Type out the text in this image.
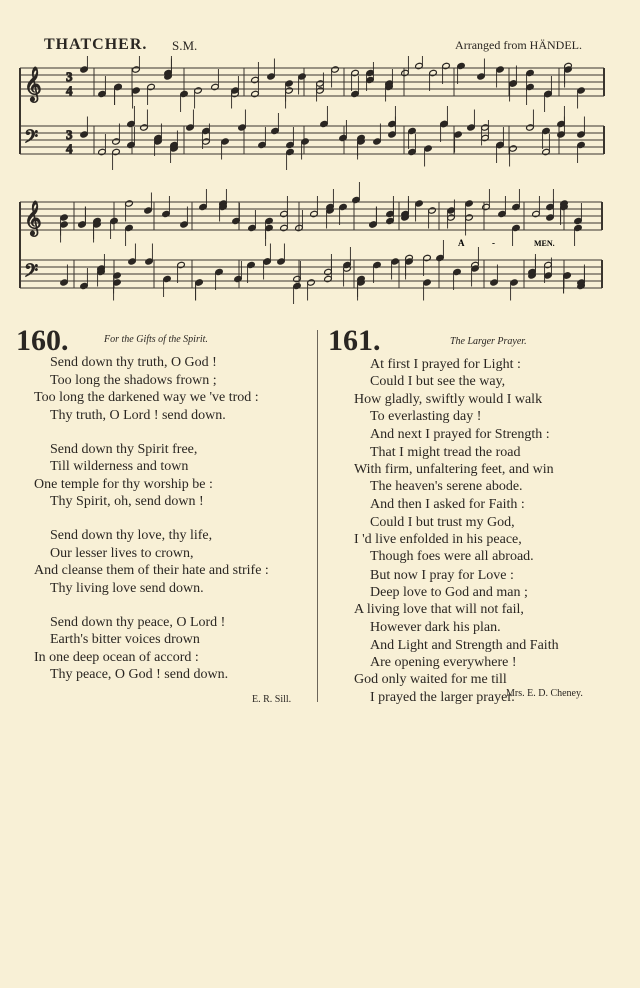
THATCHER. S.M.	Arranged from HÄNDEL.
𝄞 3
4
𝄢 3
4
𝄞
𝄢
A	-	MEN.
160.	For the Gifts of the Spirit.
Send down thy truth, O God !
Too long the shadows frown ;
Too long the darkened way we 've trod :
Thy truth, O Lord ! send down.
Send down thy Spirit free,
Till wilderness and town
One temple for thy worship be :
Thy Spirit, oh, send down !
Send down thy love, thy life,
Our lesser lives to crown,
And cleanse them of their hate and strife :
Thy living love send down.
Send down thy peace, O Lord !
Earth's bitter voices drown
In one deep ocean of accord :
Thy peace, O God ! send down.
E. R. Sill.
161.	The Larger Prayer.
At first I prayed for Light :
Could I but see the way,
How gladly, swiftly would I walk
To everlasting day !
And next I prayed for Strength :
That I might tread the road
With firm, unfaltering feet, and win
The heaven's serene abode.
And then I asked for Faith :
Could I but trust my God,
I 'd live enfolded in his peace,
Though foes were all abroad.
But now I pray for Love :
Deep love to God and man ;
A living love that will not fail,
However dark his plan.
And Light and Strength and Faith
Are opening everywhere !
God only waited for me till
I prayed the larger prayer.
Mrs. E. D. Cheney.
